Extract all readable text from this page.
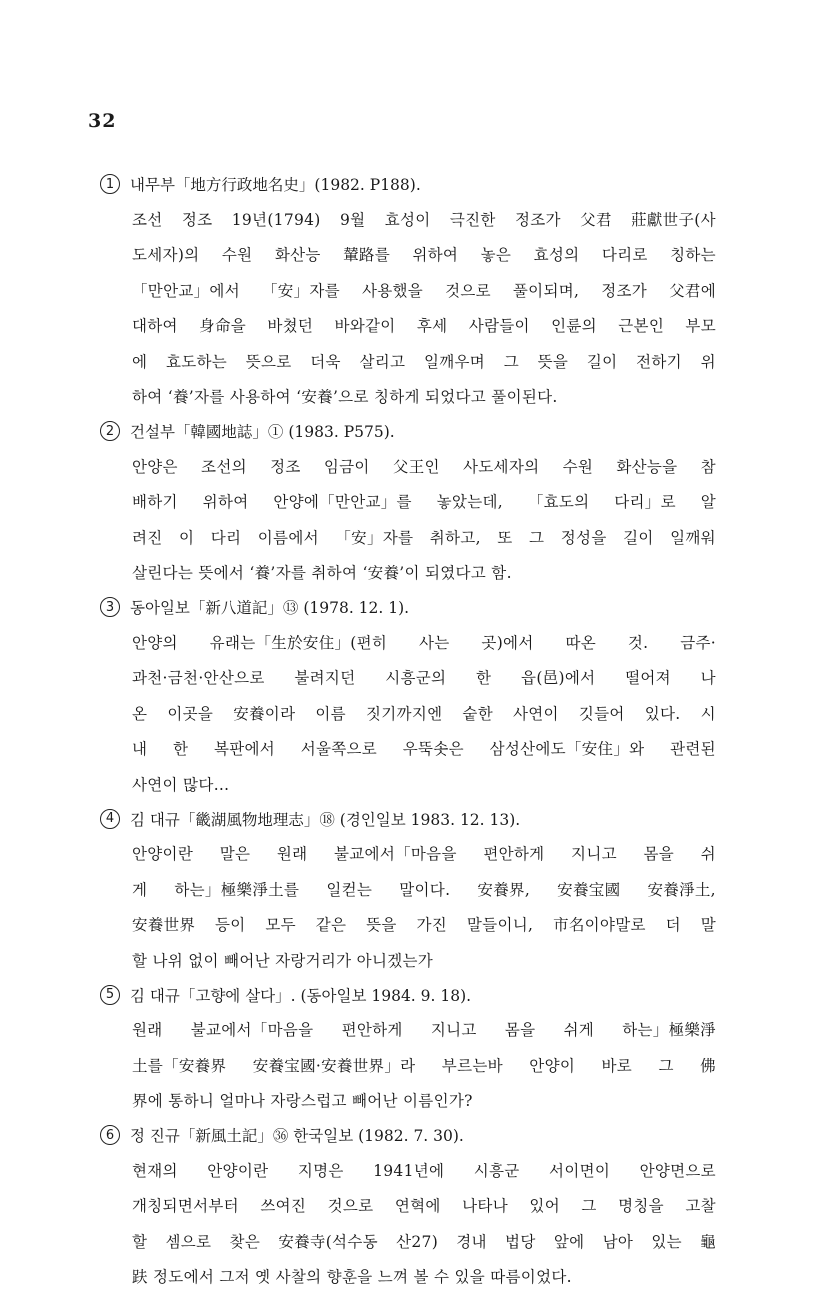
32
1	내무부「地方行政地名史」(1982. P188).
조선 정조 19년(1794) 9월 효성이 극진한 정조가 父君 莊獻世子(사
도세자)의 수원 화산능 輦路를 위하여 놓은 효성의 다리로 칭하는
「만안교」에서 「安」자를 사용했을 것으로 풀이되며, 정조가 父君에
대하여 身命을 바쳤던 바와같이 후세 사람들이 인륜의 근본인 부모
에 효도하는 뜻으로 더욱 살리고 일깨우며 그 뜻을 길이 전하기 위
하여 ‘養’자를 사용하여 ‘安養’으로 칭하게 되었다고 풀이된다.
2	건설부「韓國地誌」① (1983. P575).
안양은 조선의 정조 임금이 父王인 사도세자의 수원 화산능을 참
배하기 위하여 안양에「만안교」를 놓았는데, 「효도의 다리」로 알
려진 이 다리 이름에서 「安」자를 취하고, 또 그 정성을 길이 일깨워
살린다는 뜻에서 ‘養’자를 취하여 ‘安養’이 되였다고 함.
3	동아일보「新八道記」⑬ (1978. 12. 1).
안양의 유래는「生於安住」(편히 사는 곳)에서 따온 것. 금주·
과천·금천·안산으로 불려지던 시흥군의 한 읍(邑)에서 떨어져 나
온 이곳을 安養이라 이름 짓기까지엔 숱한 사연이 깃들어 있다. 시
내 한 복판에서 서울쪽으로 우뚝솟은 삼성산에도「安住」와 관련된
사연이 많다…
4	김 대규「畿湖風物地理志」⑱ (경인일보 1983. 12. 13).
안양이란 말은 원래 불교에서「마음을 편안하게 지니고 몸을 쉬
게 하는」極樂淨土를 일컫는 말이다. 安養界, 安養宝國 安養淨土,
安養世界 등이 모두 같은 뜻을 가진 말들이니, 市名이야말로 더 말
할 나위 없이 빼어난 자랑거리가 아니겠는가
5	김 대규「고향에 살다」. (동아일보 1984. 9. 18).
원래 불교에서「마음을 편안하게 지니고 몸을 쉬게 하는」極樂淨
土를「安養界 安養宝國·安養世界」라 부르는바 안양이 바로 그 佛
界에 통하니 얼마나 자랑스럽고 빼어난 이름인가?
6	정 진규「新風土記」㊱ 한국일보 (1982. 7. 30).
현재의 안양이란 지명은 1941년에 시흥군 서이면이 안양면으로
개칭되면서부터 쓰여진 것으로 연혁에 나타나 있어 그 명칭을 고찰
할 셈으로 찾은 安養寺(석수동 산27) 경내 법당 앞에 남아 있는 龜
趺 정도에서 그저 옛 사찰의 향훈을 느껴 볼 수 있을 따름이었다.
